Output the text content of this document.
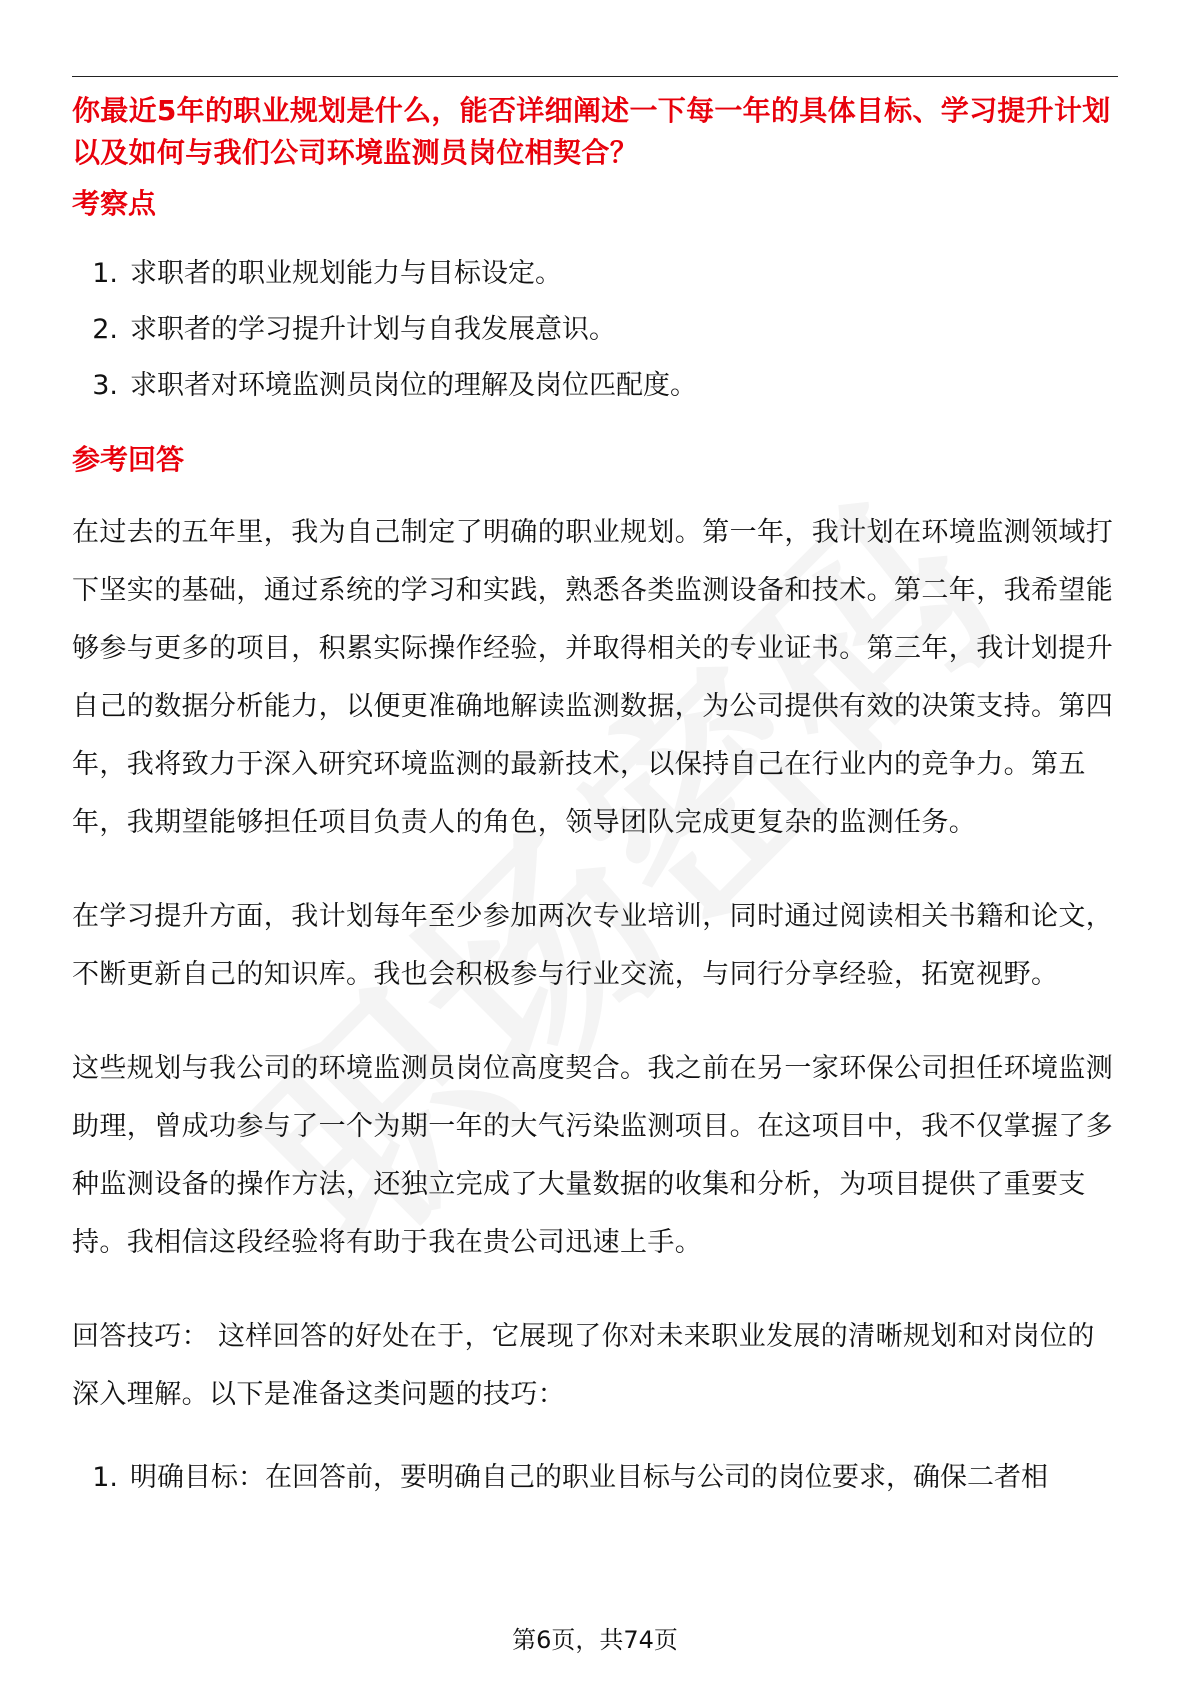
你最近5年的职业规划是什么，能否详细阐述一下每一年的具体目标、学习提升计划以及如何与我们公司环境监测员岗位相契合？

考察点
1. 求职者的职业规划能力与目标设定。
2. 求职者的学习提升计划与自我发展意识。
3. 求职者对环境监测员岗位的理解及岗位匹配度。
参考回答

在过去的五年里，我为自己制定了明确的职业规划。第一年，我计划在环境监测领域打下坚实的基础，通过系统的学习和实践，熟悉各类监测设备和技术。第二年，我希望能够参与更多的项目，积累实际操作经验，并取得相关的专业证书。第三年，我计划提升自己的数据分析能力，以便更准确地解读监测数据，为公司提供有效的决策支持。第四年，我将致力于深入研究环境监测的最新技术，以保持自己在行业内的竞争力。第五年，我期望能够担任项目负责人的角色，领导团队完成更复杂的监测任务。

在学习提升方面，我计划每年至少参加两次专业培训，同时通过阅读相关书籍和论文，不断更新自己的知识库。我也会积极参与行业交流，与同行分享经验，拓宽视野。

这些规划与我公司的环境监测员岗位高度契合。我之前在另一家环保公司担任环境监测助理，曾成功参与了一个为期一年的大气污染监测项目。在这项目中，我不仅掌握了多种监测设备的操作方法，还独立完成了大量数据的收集和分析，为项目提供了重要支持。我相信这段经验将有助于我在贵公司迅速上手。

回答技巧： 这样回答的好处在于，它展现了你对未来职业发展的清晰规划和对岗位的深入理解。以下是准备这类问题的技巧：

1. 明确目标：在回答前，要明确自己的职业目标与公司的岗位要求，确保二者相
第6页，共74页
